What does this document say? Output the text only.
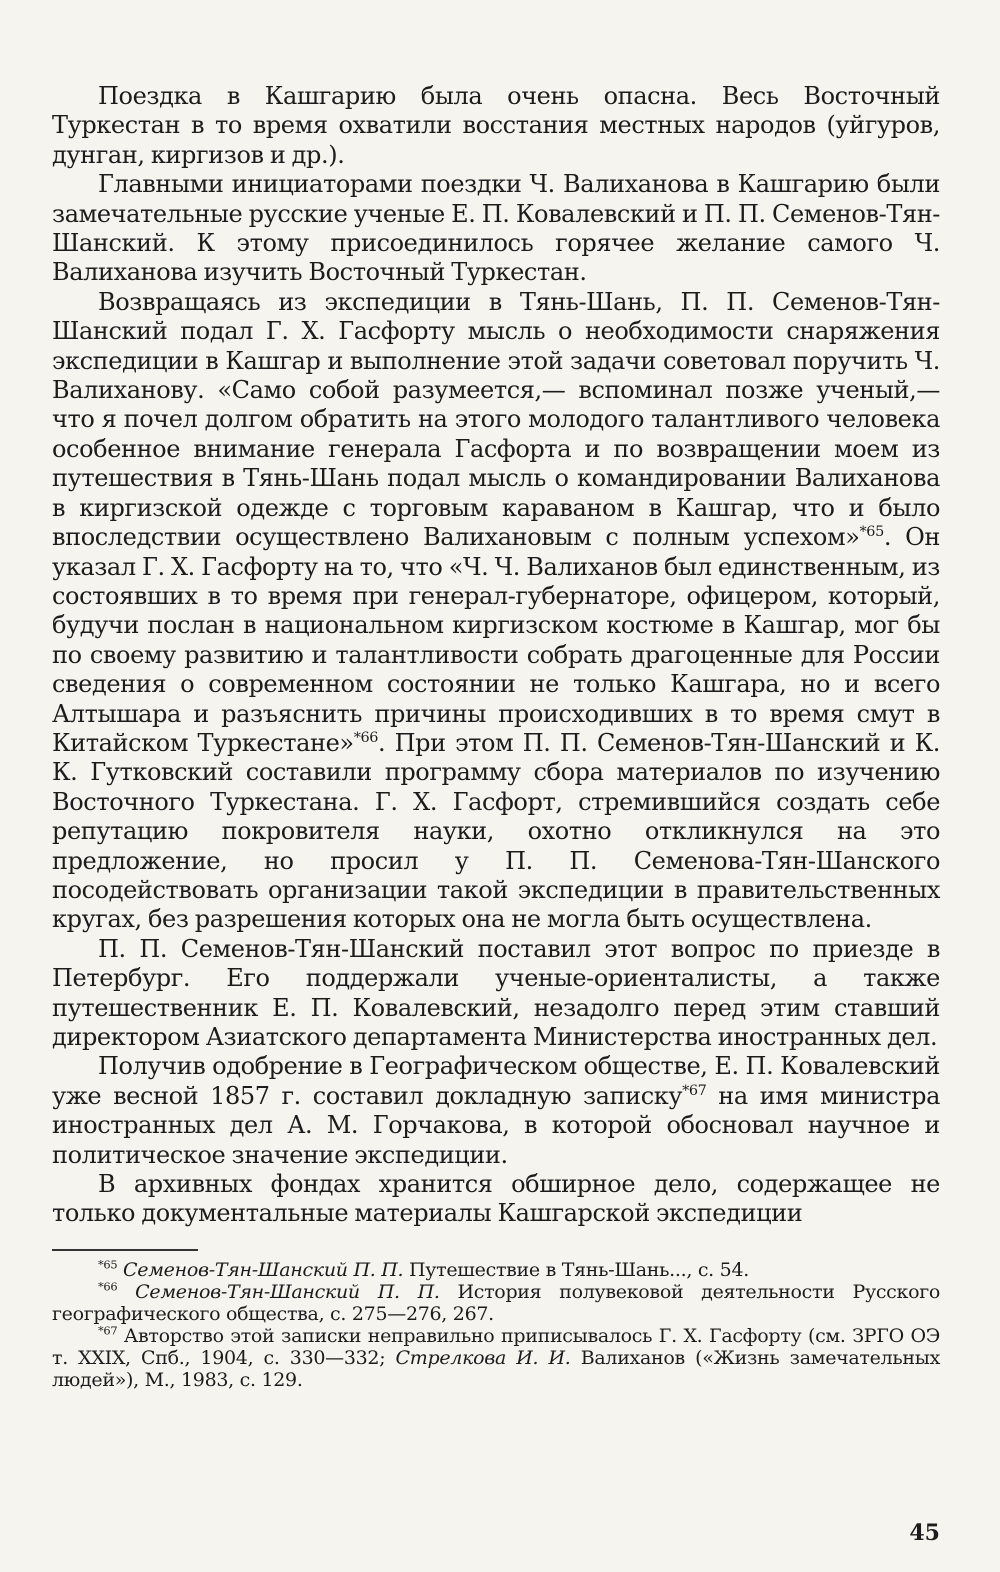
Поездка в Кашгарию была очень опасна. Весь Восточный Туркестан в то время охватили восстания местных народов (уйгуров, дунган, киргизов и др.).

Главными инициаторами поездки Ч. Валиханова в Кашгарию были замечательные русские ученые Е. П. Ковалевский и П. П. Семенов-Тян-Шанский. К этому присоединилось горячее желание самого Ч. Валиханова изучить Восточный Туркестан.

Возвращаясь из экспедиции в Тянь-Шань, П. П. Семенов-Тян-Шанский подал Г. Х. Гасфорту мысль о необходимости снаряжения экспедиции в Кашгар и выполнение этой задачи советовал поручить Ч. Валиханову. «Само собой разумеется,— вспоминал позже ученый,— что я почел долгом обратить на этого молодого талантливого человека особенное внимание генерала Гасфорта и по возвращении моем из путешествия в Тянь-Шань подал мысль о командировании Валиханова в киргизской одежде с торговым караваном в Кашгар, что и было впоследствии осуществлено Валихановым с полным успехом»$^{*65}$. Он указал Г. Х. Гасфорту на то, что «Ч. Ч. Валиханов был единственным, из состоявших в то время при генерал-губернаторе, офицером, который, будучи послан в национальном киргизском костюме в Кашгар, мог бы по своему развитию и талантливости собрать драгоценные для России сведения о современном состоянии не только Кашгара, но и всего Алтышара и разъяснить причины происходивших в то время смут в Китайском Туркестане»$^{*66}$. При этом П. П. Семенов-Тян-Шанский и К. К. Гутковский составили программу сбора материалов по изучению Восточного Туркестана. Г. Х. Гасфорт, стремившийся создать себе репутацию покровителя науки, охотно откликнулся на это предложение, но просил у П. П. Семенова-Тян-Шанского посодействовать организации такой экспедиции в правительственных кругах, без разрешения которых она не могла быть осуществлена.

П. П. Семенов-Тян-Шанский поставил этот вопрос по приезде в Петербург. Его поддержали ученые-ориенталисты, а также путешественник Е. П. Ковалевский, незадолго перед этим ставший директором Азиатского департамента Министерства иностранных дел.

Получив одобрение в Географическом обществе, Е. П. Ковалевский уже весной 1857 г. составил докладную записку$^{*67}$ на имя министра иностранных дел А. М. Горчакова, в которой обосновал научное и политическое значение экспедиции.

В архивных фондах хранится обширное дело, содержащее не только документальные материалы Кашгарской экспедиции

$^{*65}$ Семенов-Тян-Шанский П. П. Путешествие в Тянь-Шань..., с. 54.

$^{*66}$ Семенов-Тян-Шанский П. П. История полувековой деятельности Русского географического общества, с. 275—276, 267.

$^{*67}$ Авторство этой записки неправильно приписывалось Г. Х. Гасфорту (см. ЗРГО ОЭ т. XXIX, Спб., 1904, с. 330—332; Стрелкова И. И. Валиханов («Жизнь замечательных людей»), М., 1983, с. 129.

45
